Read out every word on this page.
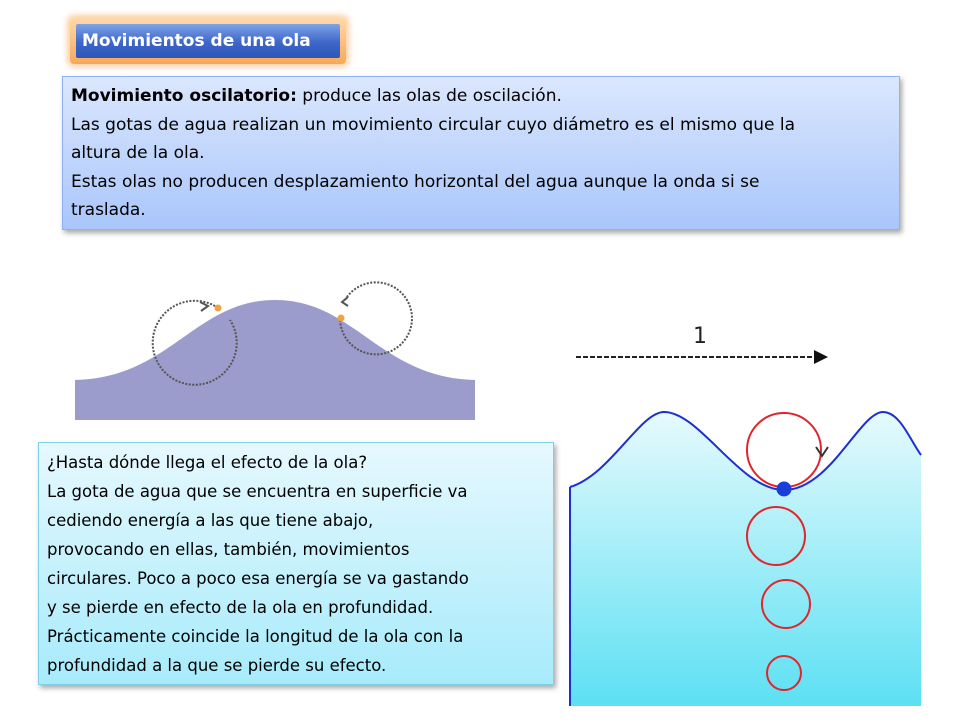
Movimientos de una ola
Movimiento oscilatorio: produce las olas de oscilación.
Las gotas de agua realizan un movimiento circular cuyo diámetro es el mismo que la
altura de la ola.
Estas olas no producen desplazamiento horizontal del agua aunque la onda si se
traslada.
1
¿Hasta dónde llega el efecto de la ola?
La gota de agua que se encuentra en superficie va
cediendo energía a las que tiene abajo,
provocando en ellas, también, movimientos
circulares. Poco a poco esa energía se va gastando
y se pierde en efecto de la ola en profundidad.
Prácticamente coincide la longitud de la ola con la
profundidad a la que se pierde su efecto.
